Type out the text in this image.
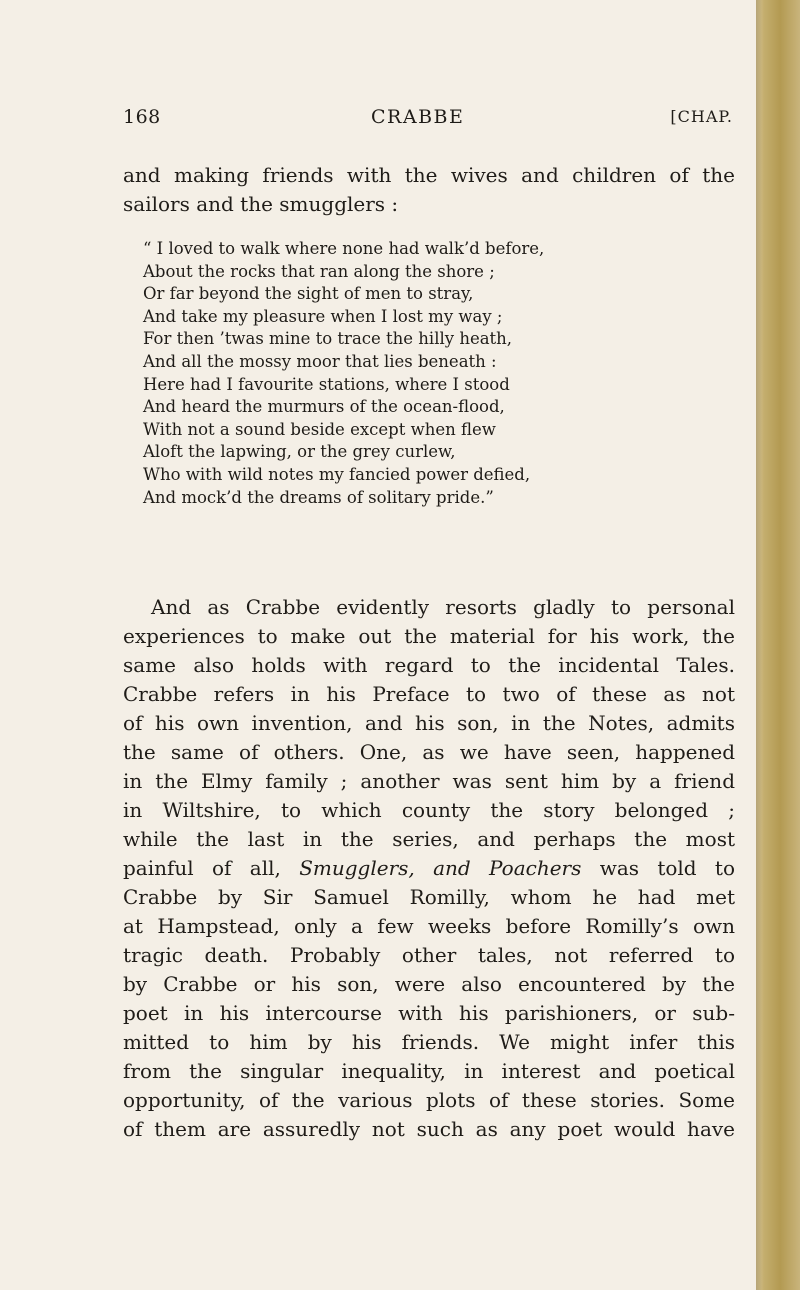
168	CRABBE	[CHAP.

and making friends with the wives and children of the
sailors and the smugglers :

“ I loved to walk where none had walk’d before,
About the rocks that ran along the shore ;
Or far beyond the sight of men to stray,
And take my pleasure when I lost my way ;
For then ’twas mine to trace the hilly heath,
And all the mossy moor that lies beneath :
Here had I favourite stations, where I stood
And heard the murmurs of the ocean-flood,
With not a sound beside except when flew
Aloft the lapwing, or the grey curlew,
Who with wild notes my fancied power defied,
And mock’d the dreams of solitary pride.”

And as Crabbe evidently resorts gladly to personal
experiences to make out the material for his work, the
same also holds with regard to the incidental Tales.
Crabbe refers in his Preface to two of these as not
of his own invention, and his son, in the Notes, admits
the same of others. One, as we have seen, happened
in the Elmy family ; another was sent him by a friend
in Wiltshire, to which county the story belonged ;
while the last in the series, and perhaps the most
painful of all, Smugglers, and Poachers was told to
Crabbe by Sir Samuel Romilly, whom he had met
at Hampstead, only a few weeks before Romilly’s own
tragic death. Probably other tales, not referred to
by Crabbe or his son, were also encountered by the
poet in his intercourse with his parishioners, or sub-
mitted to him by his friends. We might infer this
from the singular inequality, in interest and poetical
opportunity, of the various plots of these stories. Some
of them are assuredly not such as any poet would have
